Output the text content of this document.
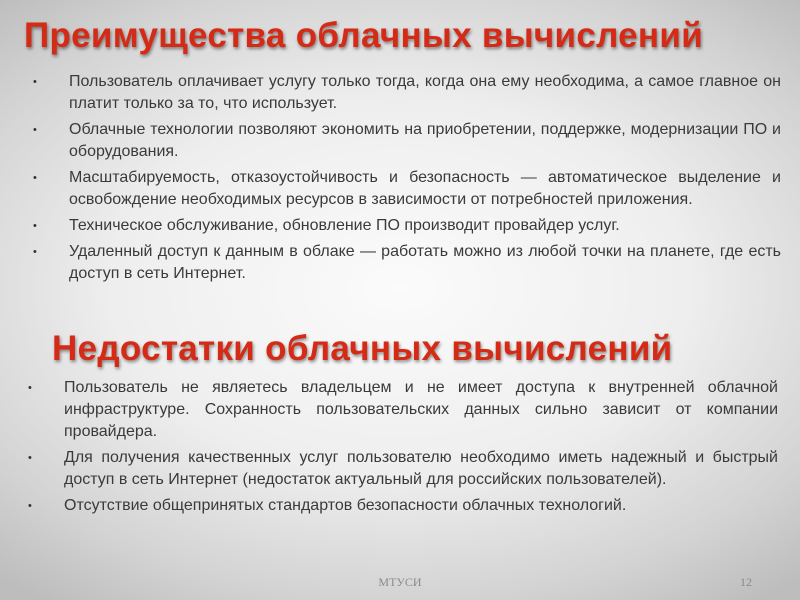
Преимущества облачных вычислений
• Пользователь оплачивает услугу только тогда, когда она ему необходима, а самое главное он платит только за то, что использует.
• Облачные технологии позволяют экономить на приобретении, поддержке, модернизации ПО и оборудования.
• Масштабируемость, отказоустойчивость и безопасность — автоматическое выделение и освобождение необходимых ресурсов в зависимости от потребностей приложения.
• Техническое обслуживание, обновление ПО производит провайдер услуг.
• Удаленный доступ к данным в облаке — работать можно из любой точки на планете, где есть доступ в сеть Интернет.
Недостатки облачных вычислений
• Пользователь не являетесь владельцем и не имеет доступа к внутренней облачной инфраструктуре. Сохранность пользовательских данных сильно зависит от компании провайдера.
• Для получения качественных услуг пользователю необходимо иметь надежный и быстрый доступ в сеть Интернет (недостаток актуальный для российских пользователей).
• Отсутствие общепринятых стандартов безопасности облачных технологий.
МТУСИ	12
